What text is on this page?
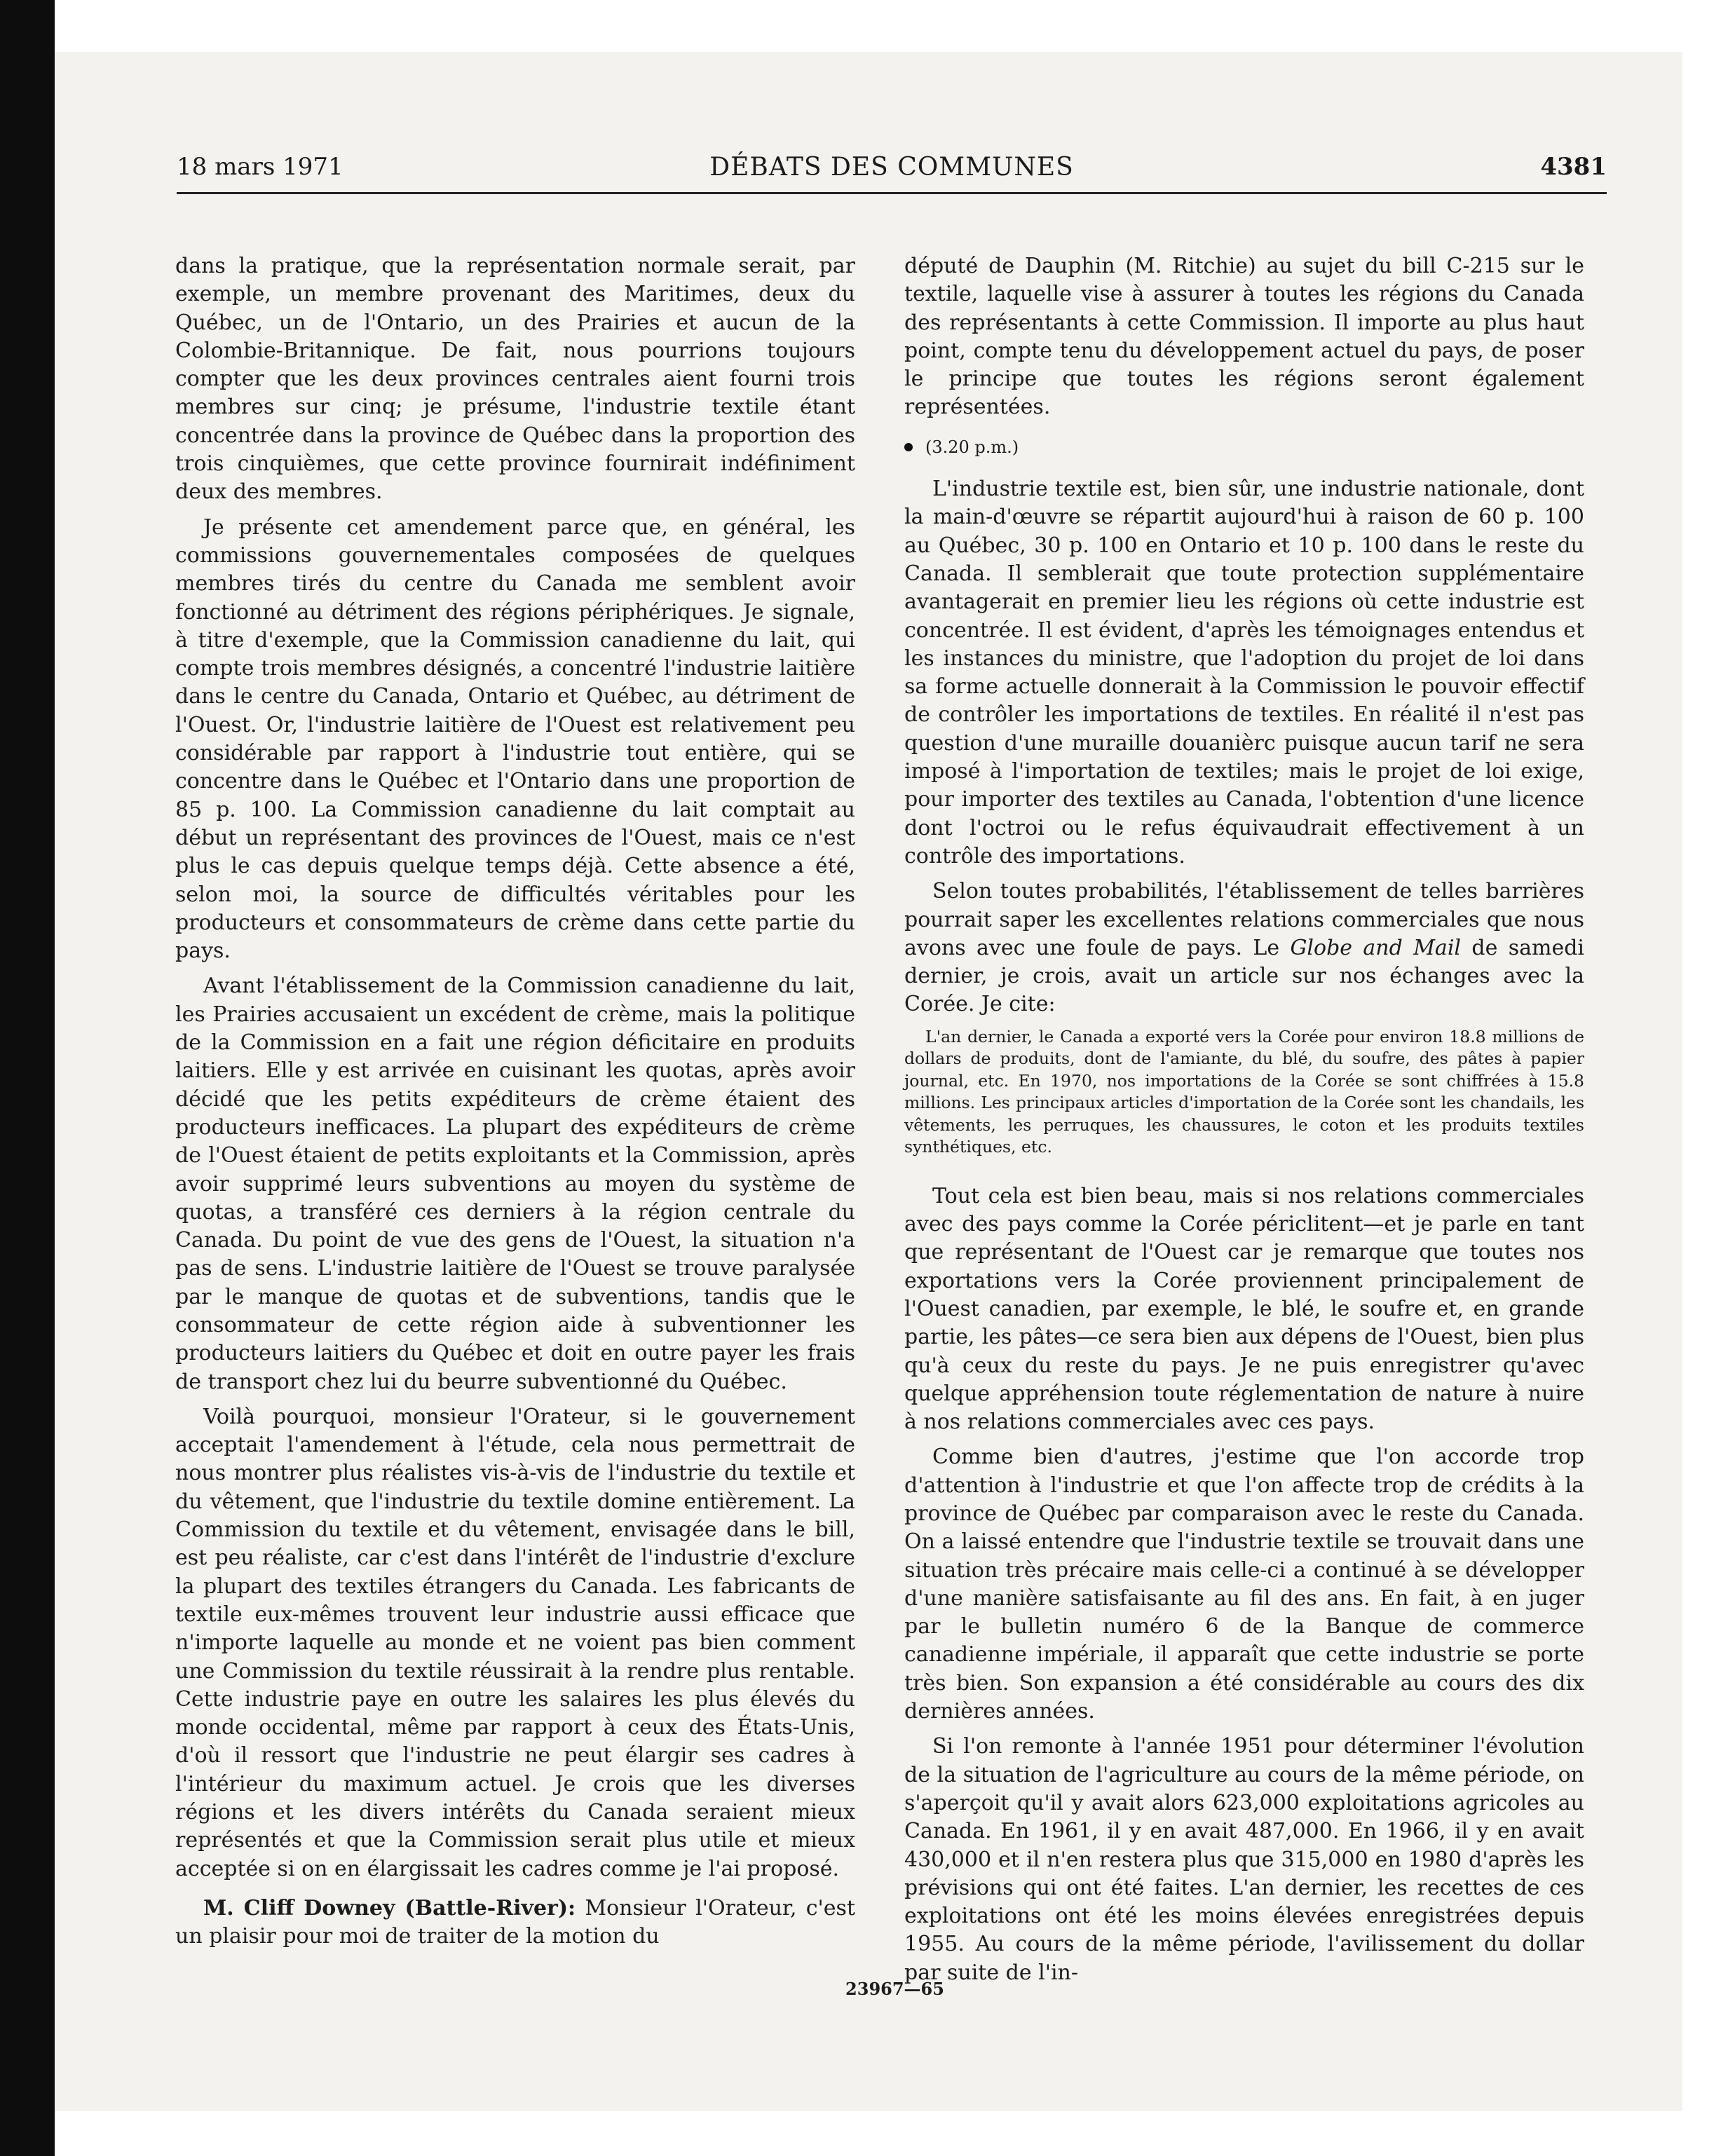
18 mars 1971	DÉBATS DES COMMUNES	4381

dans la pratique, que la représentation normale serait, par exemple, un membre provenant des Maritimes, deux du Québec, un de l'Ontario, un des Prairies et aucun de la Colombie-Britannique. De fait, nous pourrions toujours compter que les deux provinces centrales aient fourni trois membres sur cinq; je présume, l'industrie textile étant concentrée dans la province de Québec dans la proportion des trois cinquièmes, que cette province fournirait indéfiniment deux des membres.

Je présente cet amendement parce que, en général, les commissions gouvernementales composées de quelques membres tirés du centre du Canada me semblent avoir fonctionné au détriment des régions périphériques. Je signale, à titre d'exemple, que la Commission canadienne du lait, qui compte trois membres désignés, a concentré l'industrie laitière dans le centre du Canada, Ontario et Québec, au détriment de l'Ouest. Or, l'industrie laitière de l'Ouest est relativement peu considérable par rapport à l'industrie tout entière, qui se concentre dans le Québec et l'Ontario dans une proportion de 85 p. 100. La Commission canadienne du lait comptait au début un représentant des provinces de l'Ouest, mais ce n'est plus le cas depuis quelque temps déjà. Cette absence a été, selon moi, la source de difficultés véritables pour les producteurs et consommateurs de crème dans cette partie du pays.

Avant l'établissement de la Commission canadienne du lait, les Prairies accusaient un excédent de crème, mais la politique de la Commission en a fait une région déficitaire en produits laitiers. Elle y est arrivée en cuisinant les quotas, après avoir décidé que les petits expéditeurs de crème étaient des producteurs inefficaces. La plupart des expéditeurs de crème de l'Ouest étaient de petits exploitants et la Commission, après avoir supprimé leurs subventions au moyen du système de quotas, a transféré ces derniers à la région centrale du Canada. Du point de vue des gens de l'Ouest, la situation n'a pas de sens. L'industrie laitière de l'Ouest se trouve paralysée par le manque de quotas et de subventions, tandis que le consommateur de cette région aide à subventionner les producteurs laitiers du Québec et doit en outre payer les frais de transport chez lui du beurre subventionné du Québec.

Voilà pourquoi, monsieur l'Orateur, si le gouvernement acceptait l'amendement à l'étude, cela nous permettrait de nous montrer plus réalistes vis-à-vis de l'industrie du textile et du vêtement, que l'industrie du textile domine entièrement. La Commission du textile et du vêtement, envisagée dans le bill, est peu réaliste, car c'est dans l'intérêt de l'industrie d'exclure la plupart des textiles étrangers du Canada. Les fabricants de textile eux-mêmes trouvent leur industrie aussi efficace que n'importe laquelle au monde et ne voient pas bien comment une Commission du textile réussirait à la rendre plus rentable. Cette industrie paye en outre les salaires les plus élevés du monde occidental, même par rapport à ceux des États-Unis, d'où il ressort que l'industrie ne peut élargir ses cadres à l'intérieur du maximum actuel. Je crois que les diverses régions et les divers intérêts du Canada seraient mieux représentés et que la Commission serait plus utile et mieux acceptée si on en élargissait les cadres comme je l'ai proposé.

M. Cliff Downey (Battle-River): Monsieur l'Orateur, c'est un plaisir pour moi de traiter de la motion du

député de Dauphin (M. Ritchie) au sujet du bill C-215 sur le textile, laquelle vise à assurer à toutes les régions du Canada des représentants à cette Commission. Il importe au plus haut point, compte tenu du développement actuel du pays, de poser le principe que toutes les régions seront également représentées.

(3.20 p.m.)

L'industrie textile est, bien sûr, une industrie nationale, dont la main-d'œuvre se répartit aujourd'hui à raison de 60 p. 100 au Québec, 30 p. 100 en Ontario et 10 p. 100 dans le reste du Canada. Il semblerait que toute protection supplémentaire avantagerait en premier lieu les régions où cette industrie est concentrée. Il est évident, d'après les témoignages entendus et les instances du ministre, que l'adoption du projet de loi dans sa forme actuelle donnerait à la Commission le pouvoir effectif de contrôler les importations de textiles. En réalité il n'est pas question d'une muraille douanièrc puisque aucun tarif ne sera imposé à l'importation de textiles; mais le projet de loi exige, pour importer des textiles au Canada, l'obtention d'une licence dont l'octroi ou le refus équivaudrait effectivement à un contrôle des importations.

Selon toutes probabilités, l'établissement de telles barrières pourrait saper les excellentes relations commerciales que nous avons avec une foule de pays. Le Globe and Mail de samedi dernier, je crois, avait un article sur nos échanges avec la Corée. Je cite:

L'an dernier, le Canada a exporté vers la Corée pour environ 18.8 millions de dollars de produits, dont de l'amiante, du blé, du soufre, des pâtes à papier journal, etc. En 1970, nos importations de la Corée se sont chiffrées à 15.8 millions. Les principaux articles d'importation de la Corée sont les chandails, les vêtements, les perruques, les chaussures, le coton et les produits textiles synthétiques, etc.

Tout cela est bien beau, mais si nos relations commerciales avec des pays comme la Corée périclitent—et je parle en tant que représentant de l'Ouest car je remarque que toutes nos exportations vers la Corée proviennent principalement de l'Ouest canadien, par exemple, le blé, le soufre et, en grande partie, les pâtes—ce sera bien aux dépens de l'Ouest, bien plus qu'à ceux du reste du pays. Je ne puis enregistrer qu'avec quelque appréhension toute réglementation de nature à nuire à nos relations commerciales avec ces pays.

Comme bien d'autres, j'estime que l'on accorde trop d'attention à l'industrie et que l'on affecte trop de crédits à la province de Québec par comparaison avec le reste du Canada. On a laissé entendre que l'industrie textile se trouvait dans une situation très précaire mais celle-ci a continué à se développer d'une manière satisfaisante au fil des ans. En fait, à en juger par le bulletin numéro 6 de la Banque de commerce canadienne impériale, il apparaît que cette industrie se porte très bien. Son expansion a été considérable au cours des dix dernières années.

Si l'on remonte à l'année 1951 pour déterminer l'évolution de la situation de l'agriculture au cours de la même période, on s'aperçoit qu'il y avait alors 623,000 exploitations agricoles au Canada. En 1961, il y en avait 487,000. En 1966, il y en avait 430,000 et il n'en restera plus que 315,000 en 1980 d'après les prévisions qui ont été faites. L'an dernier, les recettes de ces exploitations ont été les moins élevées enregistrées depuis 1955. Au cours de la même période, l'avilissement du dollar par suite de l'in-

23967—65
